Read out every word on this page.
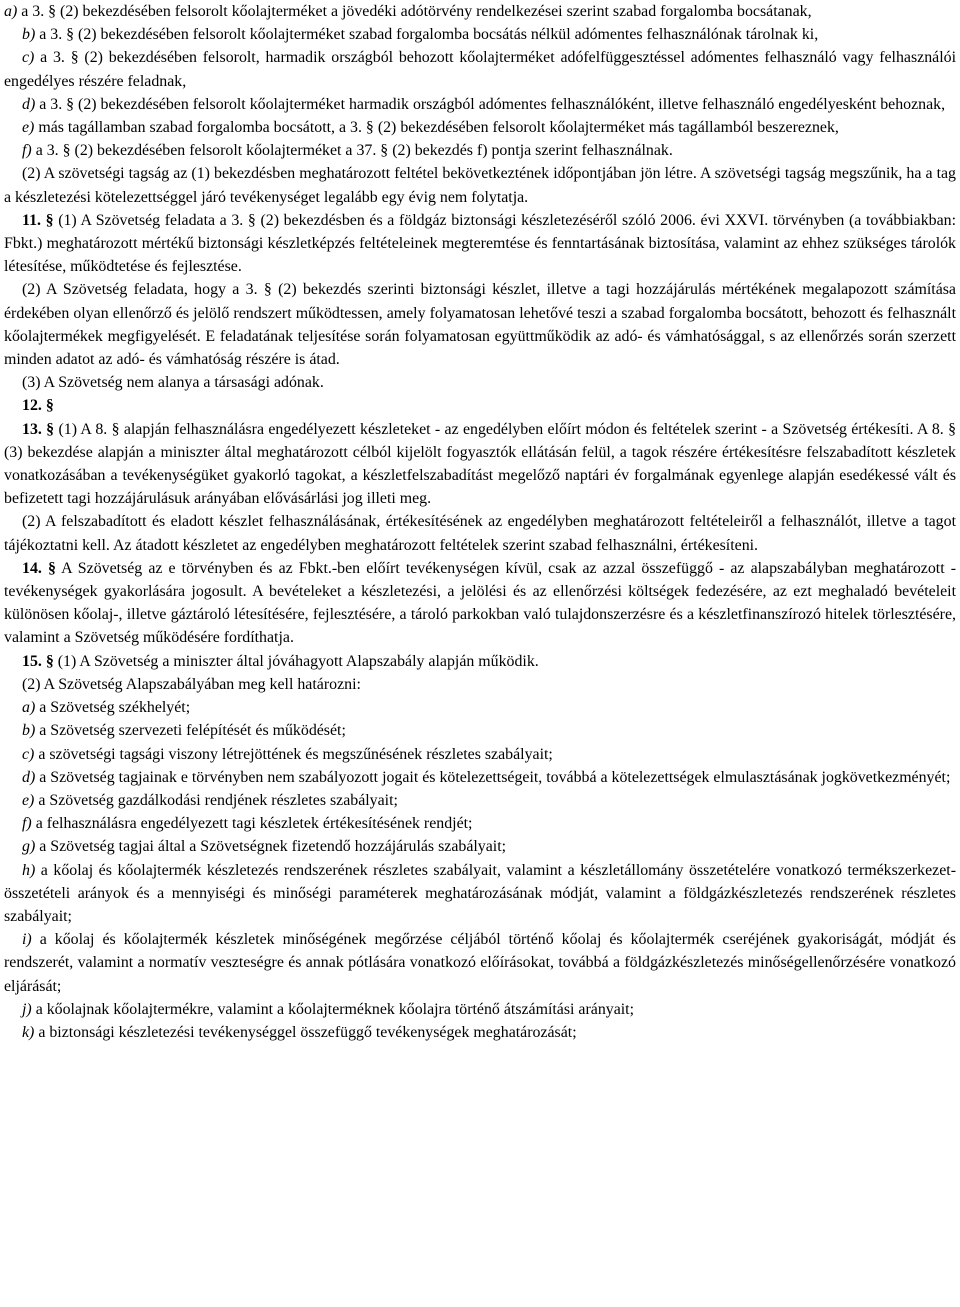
a) a 3. § (2) bekezdésében felsorolt kőolajterméket a jövedéki adótörvény rendelkezései szerint szabad forgalomba bocsátanak,

b) a 3. § (2) bekezdésében felsorolt kőolajterméket szabad forgalomba bocsátás nélkül adómentes felhasználónak tárolnak ki,

c) a 3. § (2) bekezdésében felsorolt, harmadik országból behozott kőolajterméket adófelfüggesztéssel adómentes felhasználó vagy felhasználói engedélyes részére feladnak,

d) a 3. § (2) bekezdésében felsorolt kőolajterméket harmadik országból adómentes felhasználóként, illetve felhasználó engedélyesként behoznak,

e) más tagállamban szabad forgalomba bocsátott, a 3. § (2) bekezdésében felsorolt kőolajterméket más tagállamból beszereznek,

f) a 3. § (2) bekezdésében felsorolt kőolajterméket a 37. § (2) bekezdés f) pontja szerint felhasználnak.

(2) A szövetségi tagság az (1) bekezdésben meghatározott feltétel bekövetkeztének időpontjában jön létre. A szövetségi tagság megszűnik, ha a tag a készletezési kötelezettséggel járó tevékenységet legalább egy évig nem folytatja.

11. § (1) A Szövetség feladata a 3. § (2) bekezdésben és a földgáz biztonsági készletezéséről szóló 2006. évi XXVI. törvényben (a továbbiakban: Fbkt.) meghatározott mértékű biztonsági készletképzés feltételeinek megteremtése és fenntartásának biztosítása, valamint az ehhez szükséges tárolók létesítése, működtetése és fejlesztése.

(2) A Szövetség feladata, hogy a 3. § (2) bekezdés szerinti biztonsági készlet, illetve a tagi hozzájárulás mértékének megalapozott számítása érdekében olyan ellenőrző és jelölő rendszert működtessen, amely folyamatosan lehetővé teszi a szabad forgalomba bocsátott, behozott és felhasznált kőolajtermékek megfigyelését. E feladatának teljesítése során folyamatosan együttműködik az adó- és vámhatósággal, s az ellenőrzés során szerzett minden adatot az adó- és vámhatóság részére is átad.

(3) A Szövetség nem alanya a társasági adónak.

12. §

13. § (1) A 8. § alapján felhasználásra engedélyezett készleteket - az engedélyben előírt módon és feltételek szerint - a Szövetség értékesíti. A 8. § (3) bekezdése alapján a miniszter által meghatározott célból kijelölt fogyasztók ellátásán felül, a tagok részére értékesítésre felszabadított készletek vonatkozásában a tevékenységüket gyakorló tagokat, a készletfelszabadítást megelőző naptári év forgalmának egyenlege alapján esedékessé vált és befizetett tagi hozzájárulásuk arányában elővásárlási jog illeti meg.

(2) A felszabadított és eladott készlet felhasználásának, értékesítésének az engedélyben meghatározott feltételeiről a felhasználót, illetve a tagot tájékoztatni kell. Az átadott készletet az engedélyben meghatározott feltételek szerint szabad felhasználni, értékesíteni.

14. § A Szövetség az e törvényben és az Fbkt.-ben előírt tevékenységen kívül, csak az azzal összefüggő - az alapszabályban meghatározott - tevékenységek gyakorlására jogosult. A bevételeket a készletezési, a jelölési és az ellenőrzési költségek fedezésére, az ezt meghaladó bevételeit különösen kőolaj-, illetve gáztároló létesítésére, fejlesztésére, a tároló parkokban való tulajdonszerzésre és a készletfinanszírozó hitelek törlesztésére, valamint a Szövetség működésére fordíthatja.

15. § (1) A Szövetség a miniszter által jóváhagyott Alapszabály alapján működik.

(2) A Szövetség Alapszabályában meg kell határozni:

a) a Szövetség székhelyét;

b) a Szövetség szervezeti felépítését és működését;

c) a szövetségi tagsági viszony létrejöttének és megszűnésének részletes szabályait;

d) a Szövetség tagjainak e törvényben nem szabályozott jogait és kötelezettségeit, továbbá a kötelezettségek elmulasztásának jogkövetkezményét;

e) a Szövetség gazdálkodási rendjének részletes szabályait;

f) a felhasználásra engedélyezett tagi készletek értékesítésének rendjét;

g) a Szövetség tagjai által a Szövetségnek fizetendő hozzájárulás szabályait;

h) a kőolaj és kőolajtermék készletezés rendszerének részletes szabályait, valamint a készletállomány összetételére vonatkozó termékszerkezet-összetételi arányok és a mennyiségi és minőségi paraméterek meghatározásának módját, valamint a földgázkészletezés rendszerének részletes szabályait;

i) a kőolaj és kőolajtermék készletek minőségének megőrzése céljából történő kőolaj és kőolajtermék cseréjének gyakoriságát, módját és rendszerét, valamint a normatív veszteségre és annak pótlására vonatkozó előírásokat, továbbá a földgázkészletezés minőségellenőrzésére vonatkozó eljárását;

j) a kőolajnak kőolajtermékre, valamint a kőolajterméknek kőolajra történő átszámítási arányait;

k) a biztonsági készletezési tevékenységgel összefüggő tevékenységek meghatározását;
